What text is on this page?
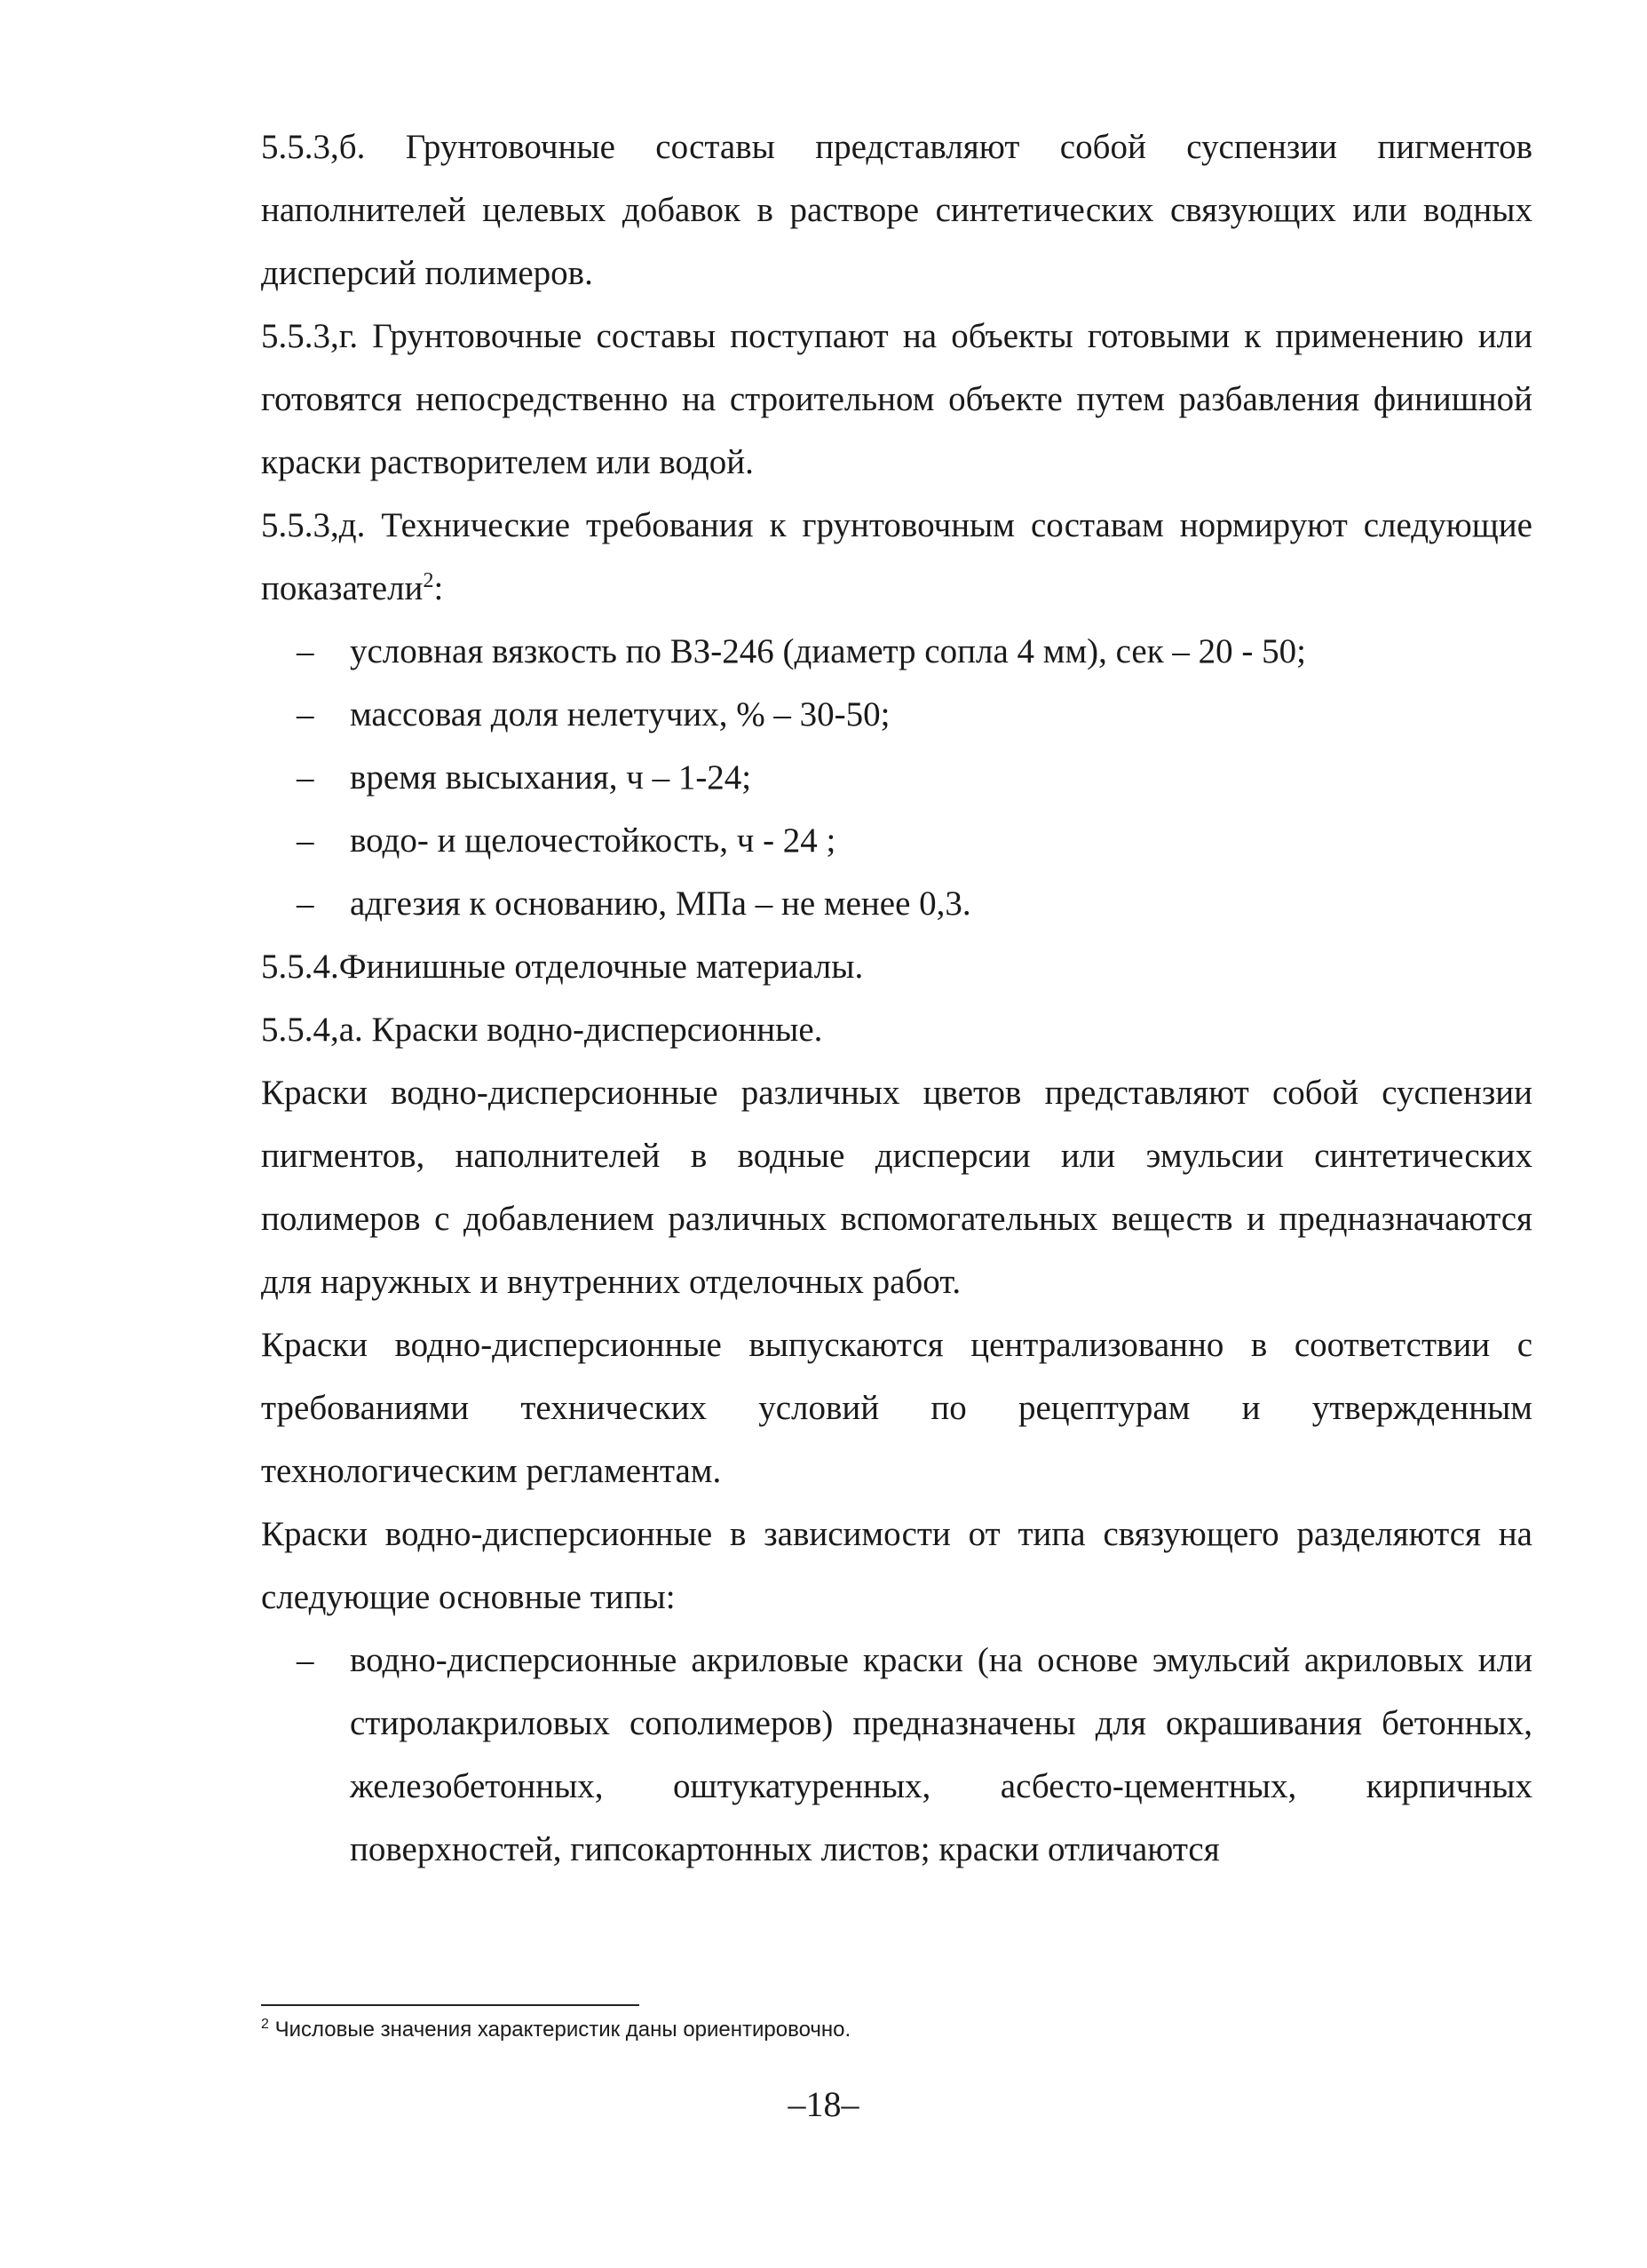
5.5.3,б. Грунтовочные составы представляют собой суспензии пигментов наполнителей целевых добавок в растворе синтетических связующих или водных дисперсий полимеров.

5.5.3,г. Грунтовочные составы поступают на объекты готовыми к применению или готовятся непосредственно на строительном объекте путем разбавления финишной краски растворителем или водой.

5.5.3,д. Технические требования к грунтовочным составам нормируют следующие показатели$^2$:

– условная вязкость по ВЗ-246 (диаметр сопла 4 мм), сек – 20 - 50;
– массовая доля нелетучих, % – 30-50;
– время высыхания, ч – 1-24;
– водо- и щелочестойкость, ч - 24 ;
– адгезия к основанию, МПа – не менее 0,3.

5.5.4.Финишные отделочные материалы.

5.5.4,а. Краски водно-дисперсионные.

Краски водно-дисперсионные различных цветов представляют собой суспензии пигментов, наполнителей в водные дисперсии или эмульсии синтетических полимеров с добавлением различных вспомогательных веществ и предназначаются для наружных и внутренних отделочных работ.

Краски водно-дисперсионные выпускаются централизованно в соответствии с требованиями технических условий по рецептурам и утвержденным технологическим регламентам.

Краски водно-дисперсионные в зависимости от типа связующего разделяются на следующие основные типы:

– водно-дисперсионные акриловые краски (на основе эмульсий акриловых или стиролакриловых сополимеров) предназначены для окрашивания бетонных, железобетонных, оштукатуренных, асбесто-цементных, кирпичных поверхностей, гипсокартонных листов; краски отличаются
$^2$ Числовые значения характеристик даны ориентировочно.
–18–
